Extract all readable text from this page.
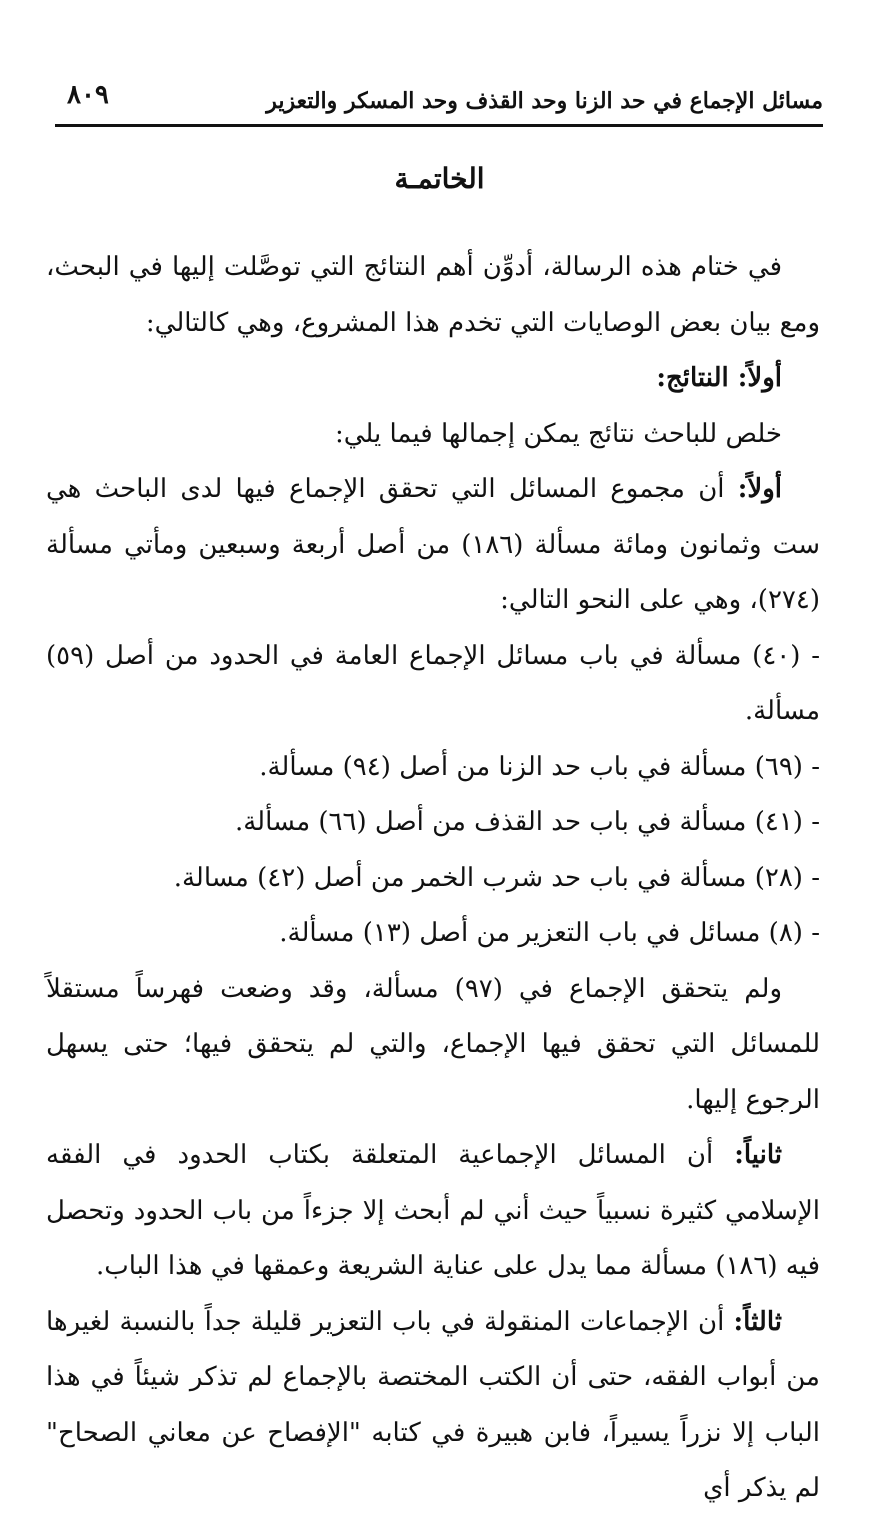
مسائل الإجماع في حد الزنا وحد القذف وحد المسكر والتعزير
٨٠٩
الخاتمـة

في ختام هذه الرسالة، أدوِّن أهم النتائج التي توصَّلت إليها في البحث، ومع بيان بعض الوصايات التي تخدم هذا المشروع، وهي كالتالي:

أولاً: النتائج:

خلص للباحث نتائج يمكن إجمالها فيما يلي:

أولاً: أن مجموع المسائل التي تحقق الإجماع فيها لدى الباحث هي ست وثمانون ومائة مسألة (١٨٦) من أصل أربعة وسبعين ومأتي مسألة (٢٧٤)، وهي على النحو التالي:

- (٤٠) مسألة في باب مسائل الإجماع العامة في الحدود من أصل (٥٩) مسألة.

- (٦٩) مسألة في باب حد الزنا من أصل (٩٤) مسألة.

- (٤١) مسألة في باب حد القذف من أصل (٦٦) مسألة.

- (٢٨) مسألة في باب حد شرب الخمر من أصل (٤٢) مسالة.

- (٨) مسائل في باب التعزير من أصل (١٣) مسألة.

ولم يتحقق الإجماع في (٩٧) مسألة، وقد وضعت فهرساً مستقلاً للمسائل التي تحقق فيها الإجماع، والتي لم يتحقق فيها؛ حتى يسهل الرجوع إليها.

ثانياً: أن المسائل الإجماعية المتعلقة بكتاب الحدود في الفقه الإسلامي كثيرة نسبياً حيث أني لم أبحث إلا جزءاً من باب الحدود وتحصل فيه (١٨٦) مسألة مما يدل على عناية الشريعة وعمقها في هذا الباب.

ثالثاً: أن الإجماعات المنقولة في باب التعزير قليلة جداً بالنسبة لغيرها من أبواب الفقه، حتى أن الكتب المختصة بالإجماع لم تذكر شيئاً في هذا الباب إلا نزراً يسيراً، فابن هبيرة في كتابه "الإفصاح عن معاني الصحاح" لم يذكر أي
